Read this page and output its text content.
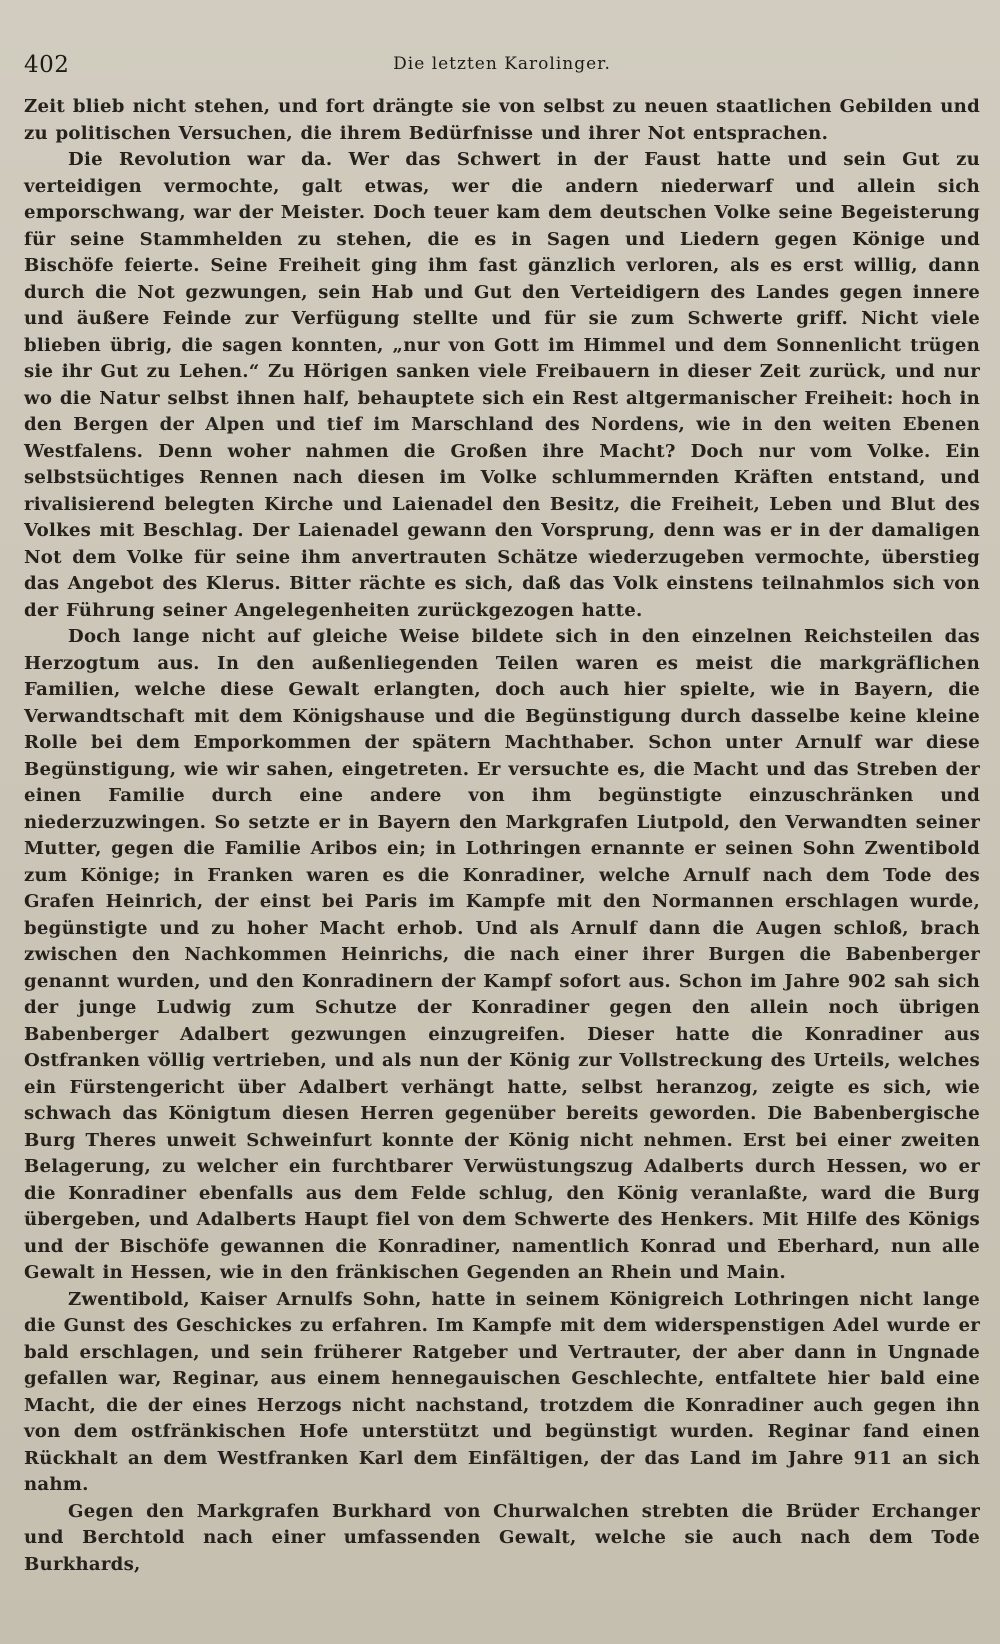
402	Die letzten Karolinger.

Zeit blieb nicht stehen, und fort drängte sie von selbst zu neuen staatlichen Gebilden und zu politischen Versuchen, die ihrem Bedürfnisse und ihrer Not entsprachen.

Die Revolution war da. Wer das Schwert in der Faust hatte und sein Gut zu verteidigen vermochte, galt etwas, wer die andern niederwarf und allein sich emporschwang, war der Meister. Doch teuer kam dem deutschen Volke seine Begeisterung für seine Stammhelden zu stehen, die es in Sagen und Liedern gegen Könige und Bischöfe feierte. Seine Freiheit ging ihm fast gänzlich verloren, als es erst willig, dann durch die Not gezwungen, sein Hab und Gut den Verteidigern des Landes gegen innere und äußere Feinde zur Verfügung stellte und für sie zum Schwerte griff. Nicht viele blieben übrig, die sagen konnten, „nur von Gott im Himmel und dem Sonnenlicht trügen sie ihr Gut zu Lehen.“ Zu Hörigen sanken viele Freibauern in dieser Zeit zurück, und nur wo die Natur selbst ihnen half, behauptete sich ein Rest altgermanischer Freiheit: hoch in den Bergen der Alpen und tief im Marschland des Nordens, wie in den weiten Ebenen Westfalens. Denn woher nahmen die Großen ihre Macht? Doch nur vom Volke. Ein selbstsüchtiges Rennen nach diesen im Volke schlummernden Kräften entstand, und rivalisierend belegten Kirche und Laienadel den Besitz, die Freiheit, Leben und Blut des Volkes mit Beschlag. Der Laienadel gewann den Vorsprung, denn was er in der damaligen Not dem Volke für seine ihm anvertrauten Schätze wiederzugeben vermochte, überstieg das Angebot des Klerus. Bitter rächte es sich, daß das Volk einstens teilnahmlos sich von der Führung seiner Angelegenheiten zurückgezogen hatte.

Doch lange nicht auf gleiche Weise bildete sich in den einzelnen Reichsteilen das Herzogtum aus. In den außenliegenden Teilen waren es meist die markgräflichen Familien, welche diese Gewalt erlangten, doch auch hier spielte, wie in Bayern, die Verwandtschaft mit dem Königshause und die Begünstigung durch dasselbe keine kleine Rolle bei dem Emporkommen der spätern Machthaber. Schon unter Arnulf war diese Begünstigung, wie wir sahen, eingetreten. Er versuchte es, die Macht und das Streben der einen Familie durch eine andere von ihm begünstigte einzuschränken und niederzuzwingen. So setzte er in Bayern den Markgrafen Liutpold, den Verwandten seiner Mutter, gegen die Familie Aribos ein; in Lothringen ernannte er seinen Sohn Zwentibold zum Könige; in Franken waren es die Konradiner, welche Arnulf nach dem Tode des Grafen Heinrich, der einst bei Paris im Kampfe mit den Normannen erschlagen wurde, begünstigte und zu hoher Macht erhob. Und als Arnulf dann die Augen schloß, brach zwischen den Nachkommen Heinrichs, die nach einer ihrer Burgen die Babenberger genannt wurden, und den Konradinern der Kampf sofort aus. Schon im Jahre 902 sah sich der junge Ludwig zum Schutze der Konradiner gegen den allein noch übrigen Babenberger Adalbert gezwungen einzugreifen. Dieser hatte die Konradiner aus Ostfranken völlig vertrieben, und als nun der König zur Vollstreckung des Urteils, welches ein Fürstengericht über Adalbert verhängt hatte, selbst heranzog, zeigte es sich, wie schwach das Königtum diesen Herren gegenüber bereits geworden. Die Babenbergische Burg Theres unweit Schweinfurt konnte der König nicht nehmen. Erst bei einer zweiten Belagerung, zu welcher ein furchtbarer Verwüstungszug Adalberts durch Hessen, wo er die Konradiner ebenfalls aus dem Felde schlug, den König veranlaßte, ward die Burg übergeben, und Adalberts Haupt fiel von dem Schwerte des Henkers. Mit Hilfe des Königs und der Bischöfe gewannen die Konradiner, namentlich Konrad und Eberhard, nun alle Gewalt in Hessen, wie in den fränkischen Gegenden an Rhein und Main.

Zwentibold, Kaiser Arnulfs Sohn, hatte in seinem Königreich Lothringen nicht lange die Gunst des Geschickes zu erfahren. Im Kampfe mit dem widerspenstigen Adel wurde er bald erschlagen, und sein früherer Ratgeber und Vertrauter, der aber dann in Ungnade gefallen war, Reginar, aus einem hennegauischen Geschlechte, entfaltete hier bald eine Macht, die der eines Herzogs nicht nachstand, trotzdem die Konradiner auch gegen ihn von dem ostfränkischen Hofe unterstützt und begünstigt wurden. Reginar fand einen Rückhalt an dem Westfranken Karl dem Einfältigen, der das Land im Jahre 911 an sich nahm.

Gegen den Markgrafen Burkhard von Churwalchen strebten die Brüder Erchanger und Berchtold nach einer umfassenden Gewalt, welche sie auch nach dem Tode Burkhards,
